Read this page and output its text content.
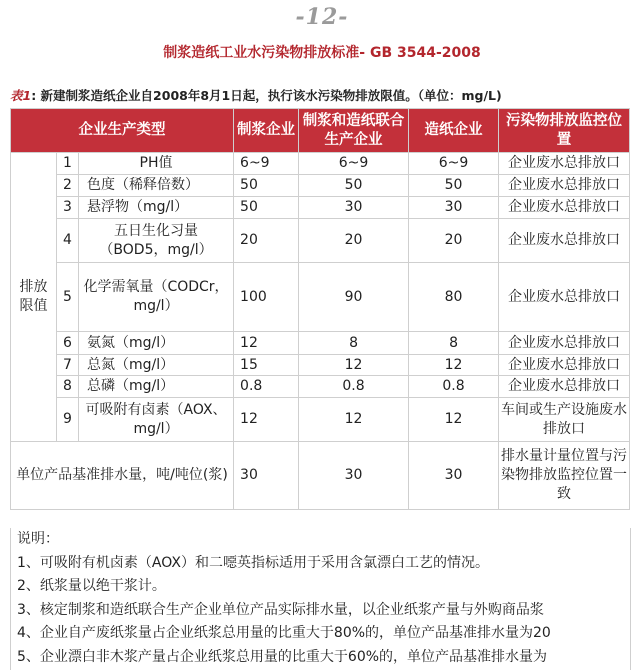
-12-
制浆造纸工业水污染物排放标准- GB 3544-2008
表1: 新建制浆造纸企业自2008年8月1日起，执行该水污染物排放限值。（单位：mg/L)
企业生产类型			制浆企业	制浆和造纸联合生产企业	造纸企业	污染物排放监控位置
排放限值	1	PH值	6~9	6~9	6~9	企业废水总排放口
	2	色度（稀释倍数）	50	50	50	企业废水总排放口
	3	悬浮物（mg/l）	50	30	30	企业废水总排放口
	4	五日生化习量（BOD5，mg/l）	20	20	20	企业废水总排放口
	5	化学需氧量（CODCr，mg/l）	100	90	80	企业废水总排放口
	6	氨氮（mg/l）	12	8	8	企业废水总排放口
	7	总氮（mg/l）	15	12	12	企业废水总排放口
	8	总磷（mg/l）	0.8	0.8	0.8	企业废水总排放口
	9	可吸附有卤素（AOX、mg/l）	12	12	12	车间或生产设施废水排放口
单位产品基准排水量，吨/吨位(浆)			30	30	30	排水量计量位置与污染物排放监控位置一致
说明：
1、可吸附有机卤素（AOX）和二噁英指标适用于采用含氯漂白工艺的情况。
2、纸浆量以绝干浆计。
3、核定制浆和造纸联合生产企业单位产品实际排水量，以企业纸浆产量与外购商品浆
4、企业自产废纸浆量占企业纸浆总用量的比重大于80%的，单位产品基准排水量为20
5、企业漂白非木浆产量占企业纸浆总用量的比重大于60%的，单位产品基准排水量为
